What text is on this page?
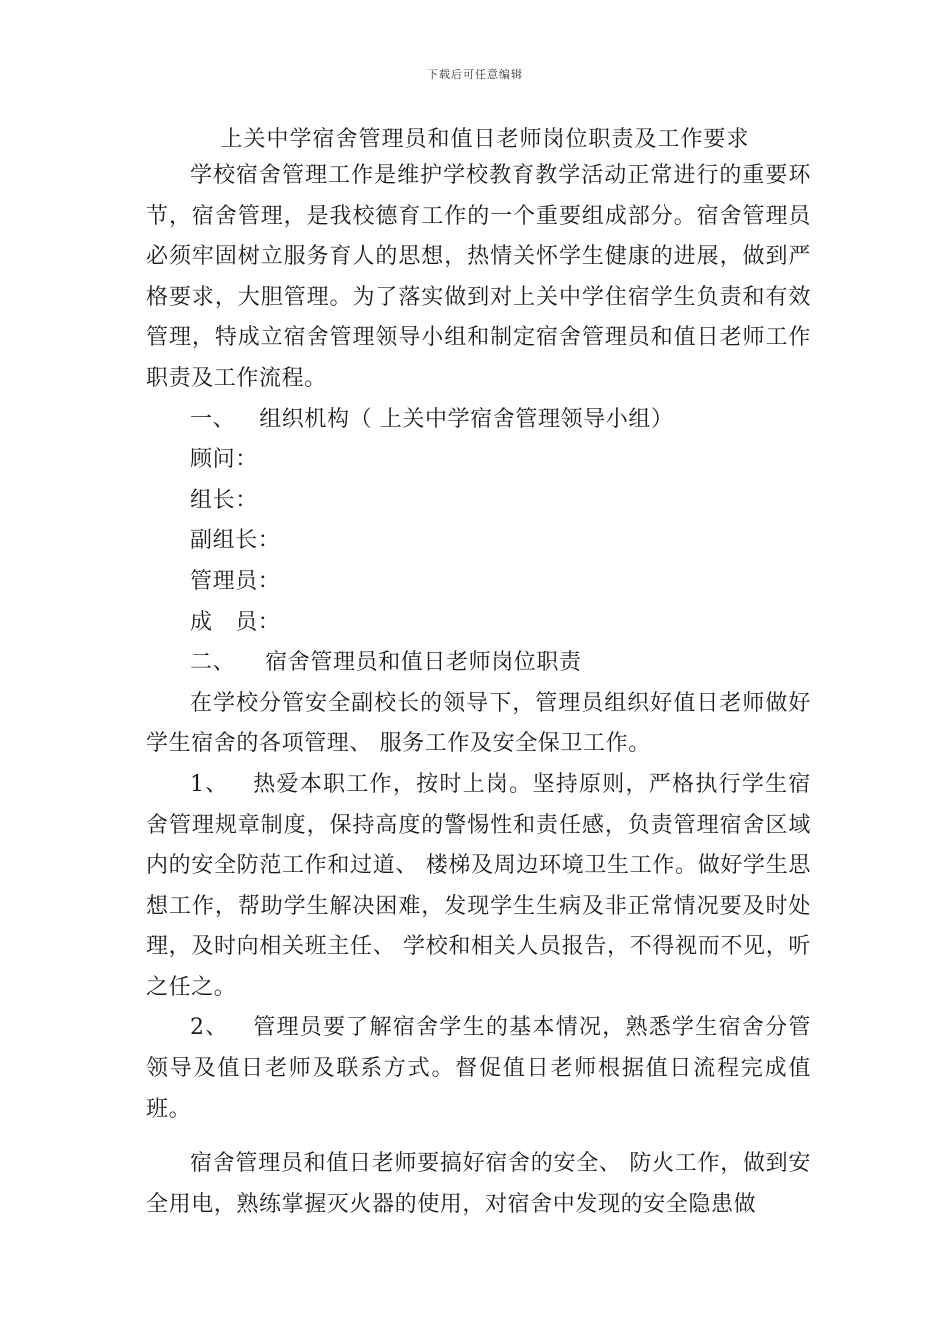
下载后可任意编辑
上关中学宿舍管理员和值日老师岗位职责及工作要求

学校宿舍管理工作是维护学校教育教学活动正常进行的重要环节，宿舍管理，是我校德育工作的一个重要组成部分。宿舍管理员必须牢固树立服务育人的思想，热情关怀学生健康的进展，做到严格要求，大胆管理。为了落实做到对上关中学住宿学生负责和有效管理，特成立宿舍管理领导小组和制定宿舍管理员和值日老师工作职责及工作流程。

一、 组织机构（ 上关中学宿舍管理领导小组）

顾问：

组长：

副组长：

管理员：

成　员：

二、 宿舍管理员和值日老师岗位职责

在学校分管安全副校长的领导下，管理员组织好值日老师做好学生宿舍的各项管理、 服务工作及安全保卫工作。

1、 热爱本职工作，按时上岗。坚持原则，严格执行学生宿舍管理规章制度，保持高度的警惕性和责任感，负责管理宿舍区域内的安全防范工作和过道、 楼梯及周边环境卫生工作。做好学生思想工作，帮助学生解决困难，发现学生生病及非正常情况要及时处理，及时向相关班主任、 学校和相关人员报告，不得视而不见，听之任之。

2、 管理员要了解宿舍学生的基本情况，熟悉学生宿舍分管领导及值日老师及联系方式。督促值日老师根据值日流程完成值班。

宿舍管理员和值日老师要搞好宿舍的安全、 防火工作，做到安全用电，熟练掌握灭火器的使用，对宿舍中发现的安全隐患做
